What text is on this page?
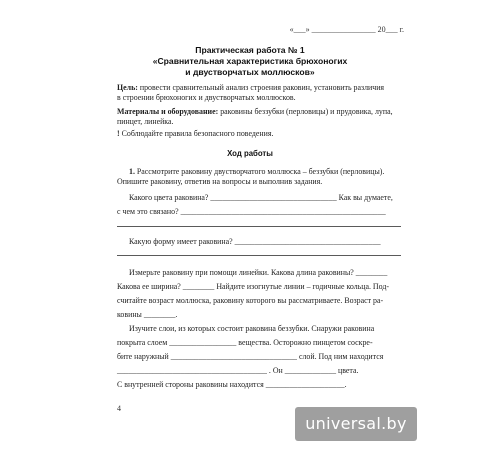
«___» ________________ 20___ г.
Практическая работа № 1
«Сравнительная характеристика брюхоногих
и двустворчатых моллюсков»
Цель: провести сравнительный анализ строения раковин, установить различия
в строении брюхоногих и двустворчатых моллюсков.
Материалы и оборудование: раковины беззубки (перловицы) и прудовика, лупа,
пинцет, линейка.
! Соблюдайте правила безопасного поведения.
Ход работы
1. Рассмотрите раковину двустворчатого моллюска – беззубки (перловицы).
Опишите раковину, ответив на вопросы и выполнив задания.
Какого цвета раковина? ________________________________ Как вы думаете,
с чем это связано? ____________________________________________________
Какую форму имеет раковина? _____________________________________
Измерьте раковину при помощи линейки. Какова длина раковины? ________
Какова ее ширина? ________ Найдите изогнутые линии – годичные кольца. Под-
считайте возраст моллюска, раковину которого вы рассматриваете. Возраст ра-
ковины ________.
Изучите слои, из которых состоит раковина беззубки. Снаружи раковина
покрыта слоем _________________ вещества. Осторожно пинцетом соскре-
бите наружный ________________________________ слой. Под ним находится
______________________________________ . Он _____________ цвета.
С внутренней стороны раковины находится ____________________.
4
universal.by
